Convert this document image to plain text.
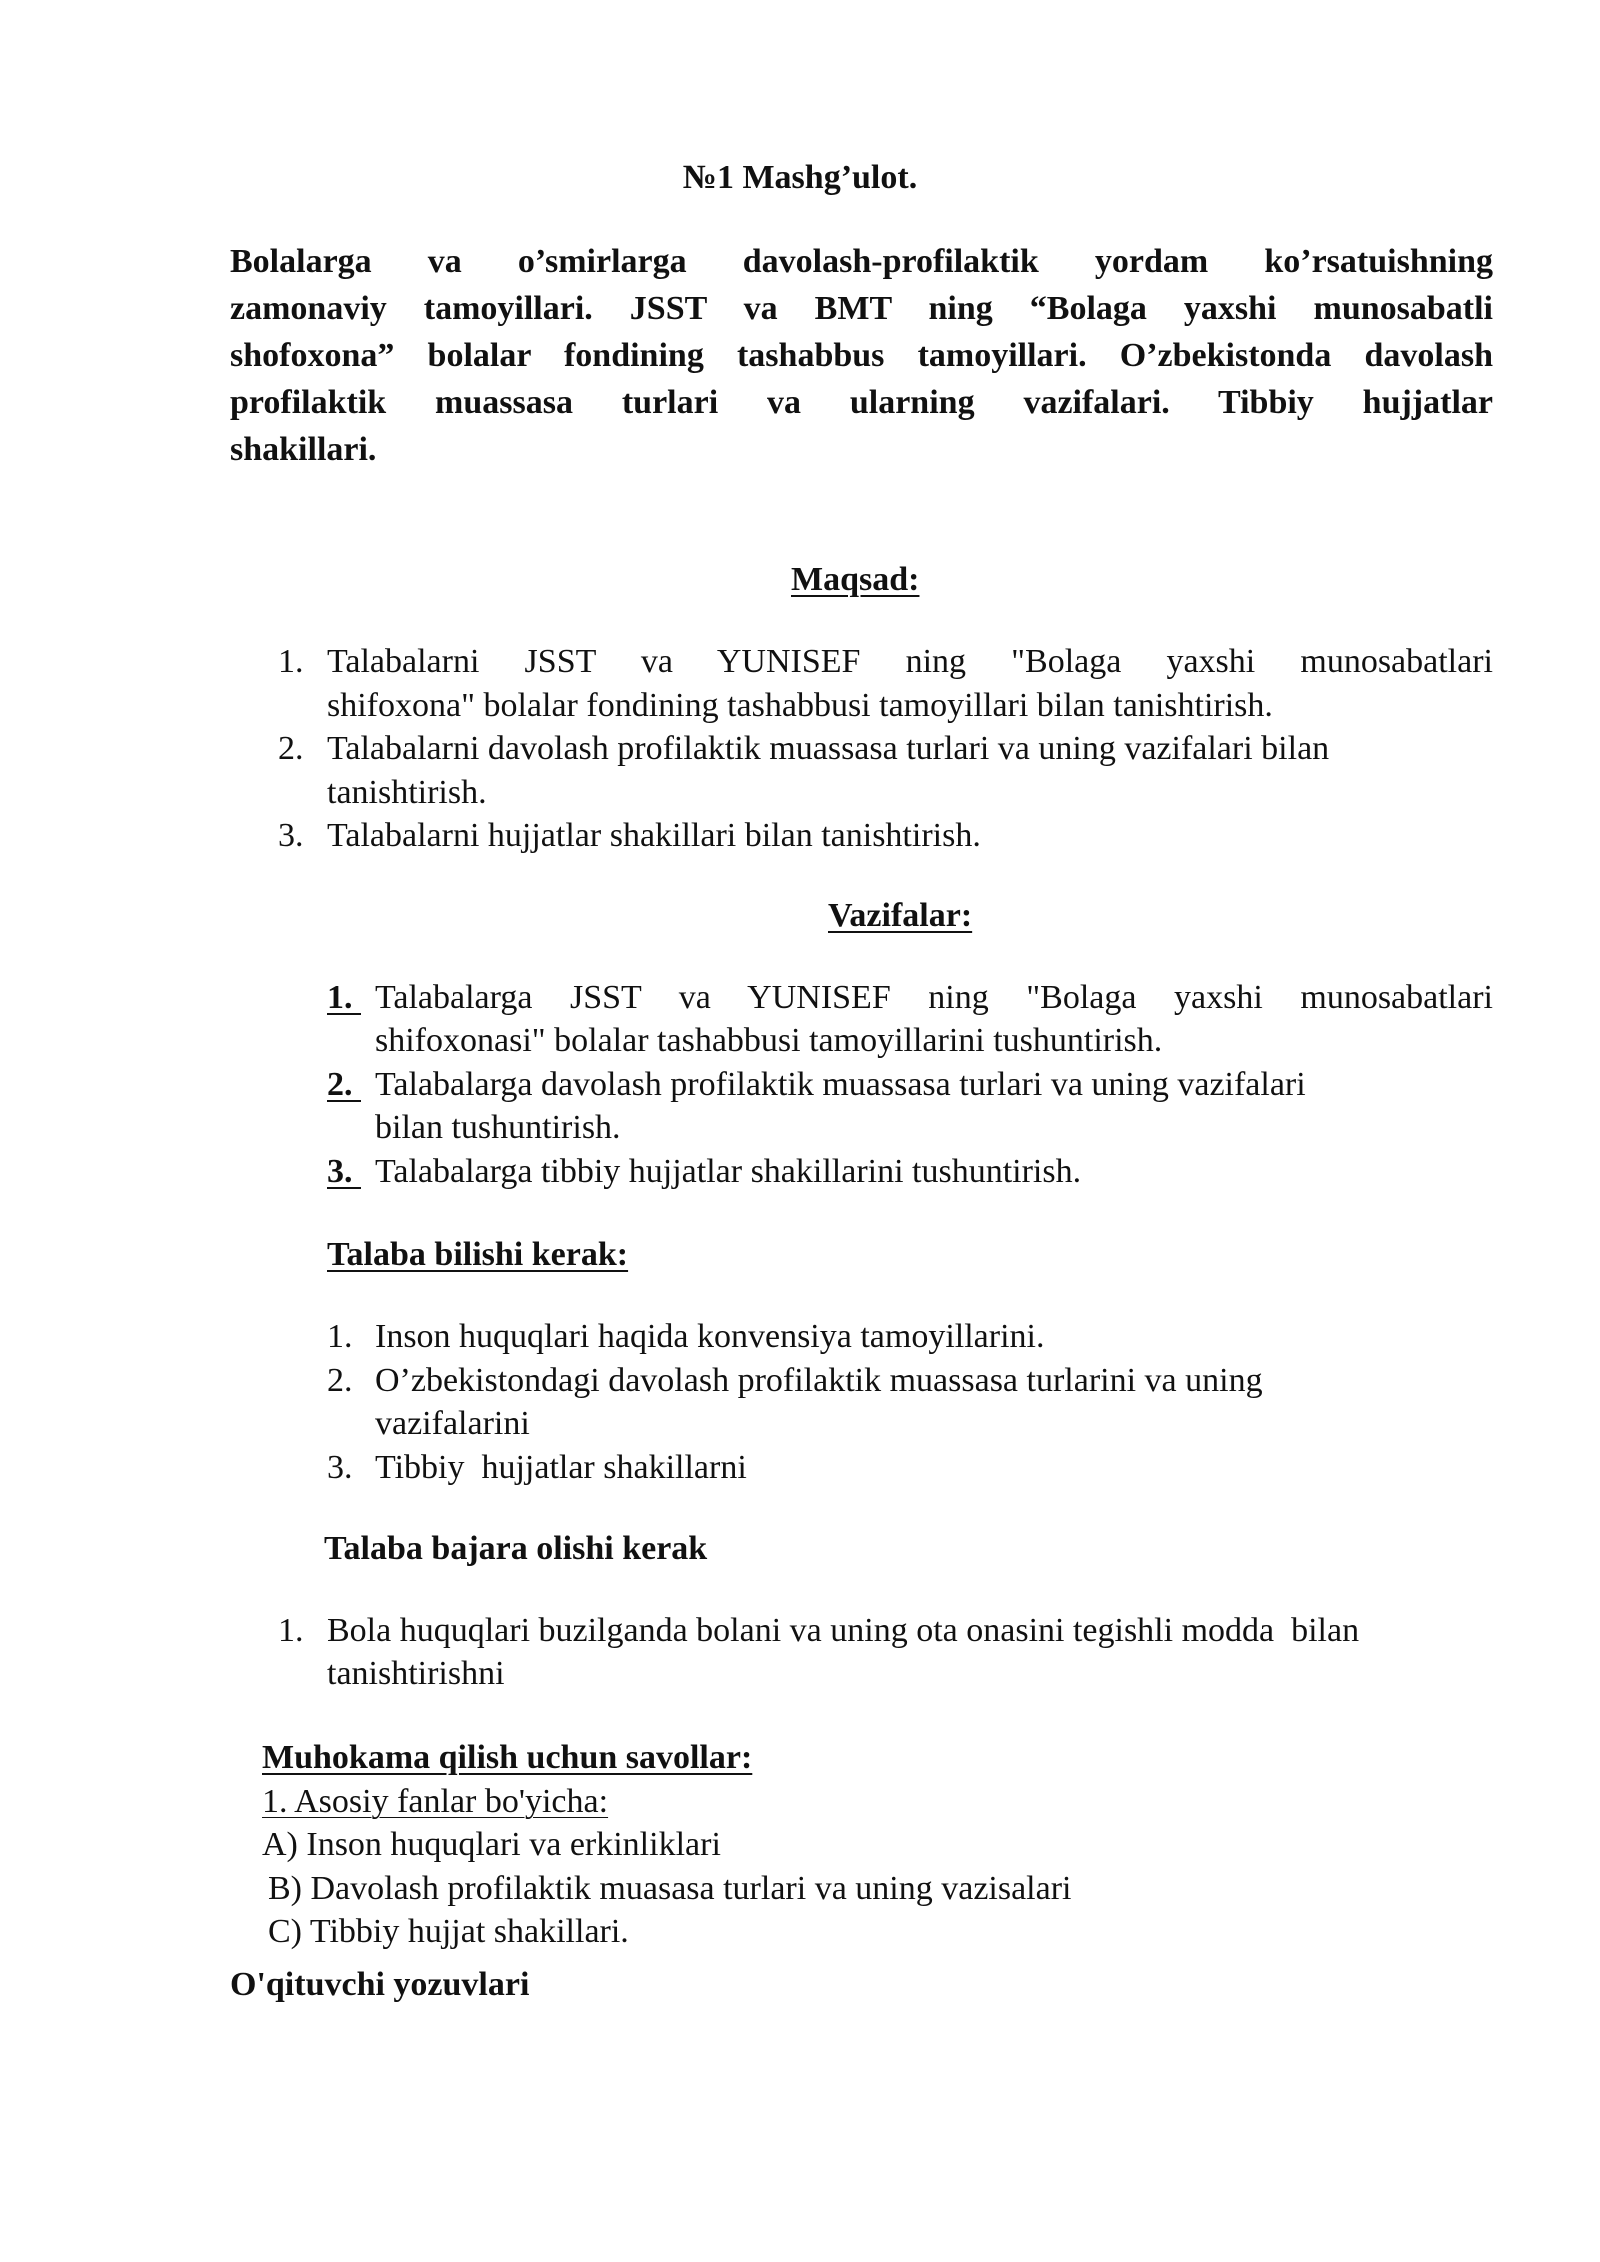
№1 Mashg’ulot.

Bolalarga va o’smirlarga davolash-profilaktik yordam ko’rsatuishning

zamonaviy tamoyillari. JSST va BMT ning “Bolaga yaxshi munosabatli

shofoxona” bolalar fondining tashabbus tamoyillari. O’zbekistonda davolash

profilaktik muassasa turlari va ularning vazifalari. Tibbiy hujjatlar

shakillari.

Maqsad:

1. Talabalarni JSST va YUNISEF ning "Bolaga yaxshi munosabatlari

shifoxona" bolalar fondining tashabbusi tamoyillari bilan tanishtirish.

2. Talabalarni davolash profilaktik muassasa turlari va uning vazifalari bilan

tanishtirish.

3. Talabalarni hujjatlar shakillari bilan tanishtirish.

Vazifalar:

1. Talabalarga JSST va YUNISEF ning "Bolaga yaxshi munosabatlari

shifoxonasi" bolalar tashabbusi tamoyillarini tushuntirish.

2. Talabalarga davolash profilaktik muassasa turlari va uning vazifalari

bilan tushuntirish.

3. Talabalarga tibbiy hujjatlar shakillarini tushuntirish.

Talaba bilishi kerak:

1. Inson huquqlari haqida konvensiya tamoyillarini.

2. O’zbekistondagi davolash profilaktik muassasa turlarini va uning

vazifalarini

3. Tibbiy  hujjatlar shakillarni

Talaba bajara olishi kerak

1. Bola huquqlari buzilganda bolani va uning ota onasini tegishli modda  bilan

tanishtirishni

Muhokama qilish uchun savollar:

1. Asosiy fanlar bo'yicha:

A) Inson huquqlari va erkinliklari

B) Davolash profilaktik muasasa turlari va uning vazisalari

C) Tibbiy hujjat shakillari.

O'qituvchi yozuvlari
